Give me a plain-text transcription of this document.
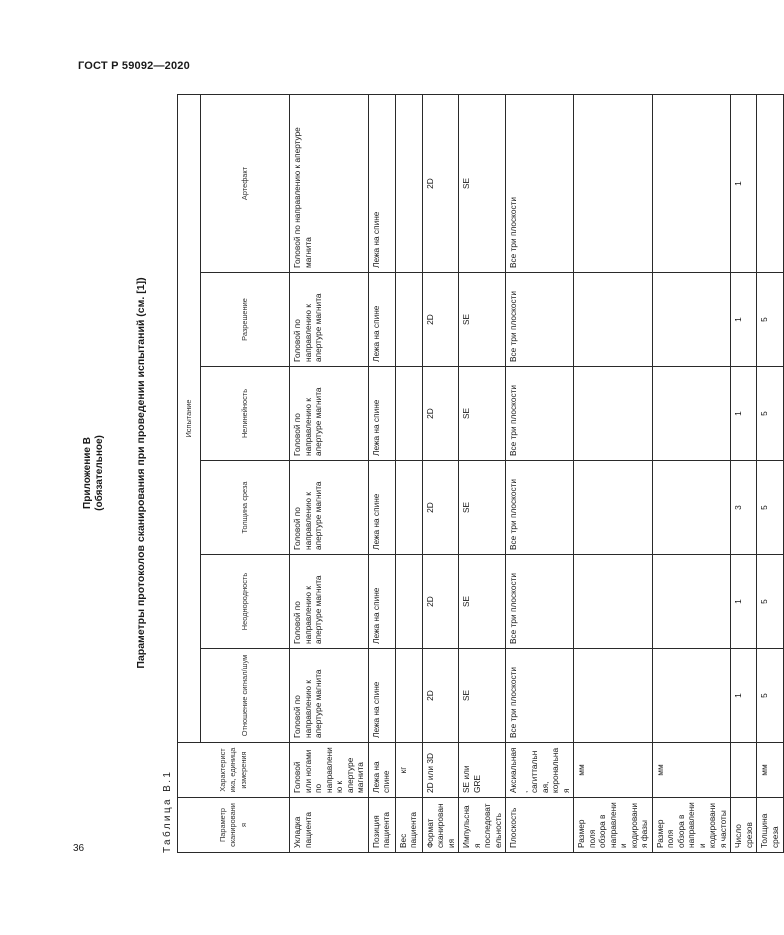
ГОСТ Р 59092—2020
Приложение В (обязательное)	Параметры протоколов сканирования при проведении испытаний (см. [1])
Таблица В.1	Параметр сканирования	Характеристика, единица измерения	Испытание					
		Отношение сигнал/шум	Неоднородность	Толщина среза	Нелинейность	Разрешение	Артефакт
Укладка пациента	Головой или ногами по направлению к апертуре магнита	Головой по направлению к апертуре магнита	Головой по направлению к апертуре магнита	Головой по направлению к апертуре магнита	Головой по направлению к апертуре магнита	Головой по направлению к апертуре магнита	Головой по направлению к апертуре магнита
Позиция пациента	Лежа на спине	Лежа на спине	Лежа на спине	Лежа на спине	Лежа на спине	Лежа на спине	Лежа на спине
Вес пациента	кг						
Формат сканирования	2D или 3D	2D	2D	2D	2D	2D	2D
Импульсная последовательность	SE или GRE	SE	SE	SE	SE	SE	SE
Плоскость	Аксиальная, сагиттальная, корональная	Все три плоскости	Все три плоскости	Все три плоскости	Все три плоскости	Все три плоскости	Все три плоскости
Размер поля обзора в направлении кодирования фазы	мм						
Размер поля обзора в направлении кодирования частоты	мм						
Число срезов		1	1	3	1	1	1
Толщина среза	мм	5	5	5	5	5	
36
